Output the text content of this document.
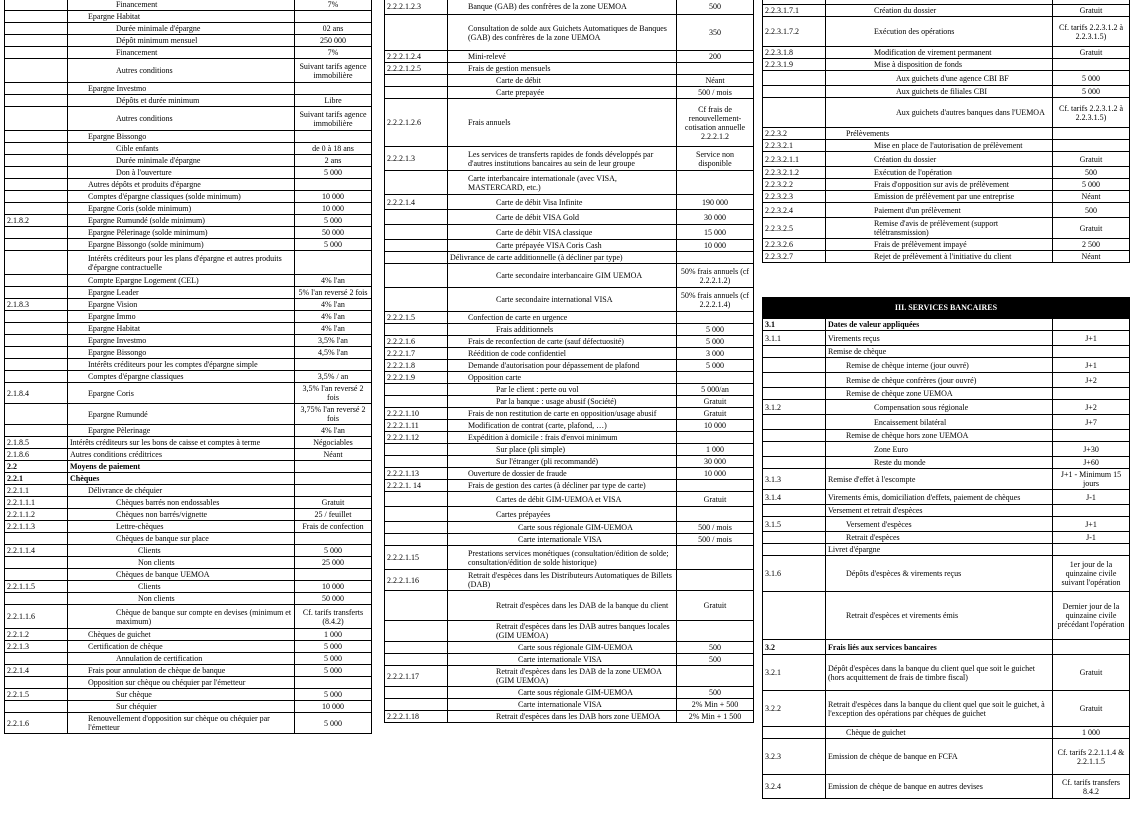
	Financement	7%
	Epargne Habitat	
	Durée minimale d'épargne	02 ans
	Dépôt minimum mensuel	250 000
	Financement	7%
	Autres conditions	Suivant tarifs agence immobilière
	Epargne Investmo	
	Dépôts et durée minimum	Libre
	Autres conditions	Suivant tarifs agence immobilière
	Epargne Bissongo	
	Cible enfants	de 0 à 18 ans
	Durée minimale d'épargne	2 ans
	Don à l'ouverture	5 000
	Autres dépôts et produits d'épargne	
	Comptes d'épargne classiques (solde minimum)	10 000
	Epargne Coris (solde minimum)	10 000
2.1.8.2	Epargne Rumundé (solde minimum)	5 000
	Epargne Pèlerinage (solde minimum)	50 000
	Epargne Bissongo (solde minimum)	5 000
	Intérêts créditeurs pour les plans d'épargne et autres produits d'épargne contractuelle	
	Compte Epargne Logement (CEL)	4% l'an
	Epargne Leader	5% l'an reversé 2 fois
2.1.8.3	Epargne Vision	4% l'an
	Epargne Immo	4% l'an
	Epargne Habitat	4% l'an
	Epargne Investmo	3,5% l'an
	Epargne Bissongo	4,5% l'an
	Intérêts créditeurs pour les comptes d'épargne simple	
	Comptes d'épargne classiques	3,5% / an
2.1.8.4	Epargne Coris	3,5% l'an reversé 2 fois
	Epargne Rumundé	3,75% l'an reversé 2 fois
	Epargne Pèlerinage	4% l'an
2.1.8.5	Intérêts créditeurs sur les bons de caisse et comptes à terme	Négociables
2.1.8.6	Autres conditions créditrices	Néant
2.2	Moyens de paiement	
2.2.1	Chèques	
2.2.1.1	Délivrance de chéquier	
2.2.1.1.1	Chèques barrés non endossables	Gratuit
2.2.1.1.2	Chèques non barrés/vignette	25 / feuillet
2.2.1.1.3	Lettre-chèques	Frais de confection
	Chèques de banque sur place	
2.2.1.1.4	Clients	5 000
	Non clients	25 000
	Chèques de banque UEMOA	
2.2.1.1.5	Clients	10 000
	Non clients	50 000
2.2.1.1.6	Chèque de banque sur compte en devises (minimum et maximum)	Cf. tarifs transferts (8.4.2)
2.2.1.2	Chèques de guichet	1 000
2.2.1.3	Certification de chèque	5 000
	Annulation de certification	5 000
2.2.1.4	Frais pour annulation de chèque de banque	5 000
	Opposition sur chèque ou chéquier par l'émetteur	
2.2.1.5	Sur chèque	5 000
	Sur chéquier	10 000
2.2.1.6	Renouvellement d'opposition sur chèque ou chéquier par l'émetteur	5 000
2.2.2.1.2.3	Banque (GAB) des confrères de la zone UEMOA	500
	Consultation de solde aux Guichets Automatiques de Banques (GAB) des confrères de la zone UEMOA	350
2.2.2.1.2.4	Mini-relevé	200
2.2.2.1.2.5	Frais de gestion mensuels	
	Carte de débit	Néant
	Carte prepayée	500 / mois
2.2.2.1.2.6	Frais annuels	Cf frais de renouvellement-cotisation annuelle 2.2.2.1.2
2.2.2.1.3	Les services de transferts rapides de fonds développés par d'autres institutions bancaires au sein de leur groupe	Service non disponible
	Carte interbancaire internationale (avec VISA, MASTERCARD, etc.)	
2.2.2.1.4	Carte de débit Visa Infinite	190 000
	Carte de débit VISA Gold	30 000
	Carte de débit VISA classique	15 000
	Carte prépayée VISA Coris Cash	10 000
	Délivrance de carte additionnelle (à décliner par type)	
	Carte secondaire interbancaire GIM UEMOA	50% frais annuels (cf 2.2.2.1.2)
	Carte secondaire international VISA	50% frais annuels (cf 2.2.2.1.4)
2.2.2.1.5	Confection de carte en urgence	
	Frais additionnels	5 000
2.2.2.1.6	Frais de reconfection de carte (sauf défectuosité)	5 000
2.2.2.1.7	Réédition de code confidentiel	3 000
2.2.2.1.8	Demande d'autorisation pour dépassement de plafond	5 000
2.2.2.1.9	Opposition carte	
	Par le client : perte ou vol	5 000/an
	Par la banque : usage abusif (Société)	Gratuit
2.2.2.1.10	Frais de non restitution de carte en opposition/usage abusif	Gratuit
2.2.2.1.11	Modification de contrat (carte, plafond, …)	10 000
2.2.2.1.12	Expédition à domicile : frais d'envoi minimum	
	Sur place (pli simple)	1 000
	Sur l'étranger (pli recommandé)	30 000
2.2.2.1.13	Ouverture de dossier de fraude	10 000
2.2.2.1. 14	Frais de gestion des cartes (à décliner par type de carte)	
	Cartes de débit GIM-UEMOA et VISA	Gratuit
	Cartes prépayées	
	Carte sous régionale GIM-UEMOA	500 / mois
	Carte internationale VISA	500 / mois
2.2.2.1.15	Prestations services monétiques (consultation/édition de solde; consultation/édition de solde historique)	
2.2.2.1.16	Retrait d'espèces dans les Distributeurs Automatiques de Billets (DAB)	
	Retrait d'espèces dans les DAB de la banque du client	Gratuit
	Retrait d'espèces dans les DAB autres banques locales (GIM UEMOA)	
	Carte sous régionale GIM-UEMOA	500
	Carte internationale VISA	500
2.2.2.1.17	Retrait d'espèces dans les DAB de la zone UEMOA (GIM UEMOA)	
	Carte sous régionale GIM-UEMOA	500
	Carte internationale VISA	2% Min + 500
2.2.2.1.18	Retrait d'espèces dans les DAB hors zone UEMOA	2% Min + 1 500

2.2.3.1.7.1	Création du dossier	Gratuit
2.2.3.1.7.2	Exécution des opérations	Cf. tarifs 2.2.3.1.2 à 2.2.3.1.5)
2.2.3.1.8	Modification de virement permanent	Gratuit
2.2.3.1.9	Mise à disposition de fonds	
	Aux guichets d'une agence CBI BF	5 000
	Aux guichets de filiales CBI	5 000
	Aux guichets d'autres banques dans l'UEMOA	Cf. tarifs 2.2.3.1.2 à 2.2.3.1.5)
2.2.3.2	Prélèvements	
2.2.3.2.1	Mise en place de l'autorisation de prélèvement	
2.2.3.2.1.1	Création du dossier	Gratuit
2.2.3.2.1.2	Exécution de l'opération	500
2.2.3.2.2	Frais d'opposition sur avis de prélèvement	5 000
2.2.3.2.3	Emission de prélèvement par une entreprise	Néant
2.2.3.2.4	Paiement d'un prélèvement	500
2.2.3.2.5	Remise d'avis de prélèvement (support télétransmission)	Gratuit
2.2.3.2.6	Frais de prélèvement impayé	2 500
2.2.3.2.7	Rejet de prélèvement à l'initiative du client	Néant
III. SERVICES BANCAIRES
3.1	Dates de valeur appliquées	
3.1.1	Virements reçus	J+1
	Remise de chèque	
	Remise de chèque interne (jour ouvré)	J+1
	Remise de chèque confrères (jour ouvré)	J+2
	Remise de chèque zone UEMOA	
3.1.2	Compensation sous régionale	J+2
	Encaissement bilatéral	J+7
	Remise de chèque hors zone UEMOA	
	Zone Euro	J+30
	Reste du monde	J+60
3.1.3	Remise d'effet à l'escompte	J+1 - Minimum 15 jours
3.1.4	Virements émis, domiciliation d'effets, paiement de chèques	J-1
	Versement et retrait d'espèces	
3.1.5	Versement d'espèces	J+1
	Retrait d'espèces	J-1
	Livret d'épargne	
3.1.6	Dépôts d'espèces & virements reçus	1er jour de la quinzaine civile suivant l'opération
	Retrait d'espèces et virements émis	Dernier jour de la quinzaine civile précédant l'opération
3.2	Frais liés aux services bancaires	
3.2.1	Dépôt d'espèces dans la banque du client quel que soit le guichet (hors acquittement de frais de timbre fiscal)	Gratuit
3.2.2	Retrait d'espèces dans la banque du client quel que soit le guichet, à l'exception des opérations par chèques de guichet	Gratuit
	Chèque de guichet	1 000
3.2.3	Emission de chèque de banque en FCFA	Cf. tarifs 2.2.1.1.4 & 2.2.1.1.5
3.2.4	Emission de chèque de banque en autres devises	Cf. tarifs transfers 8.4.2
